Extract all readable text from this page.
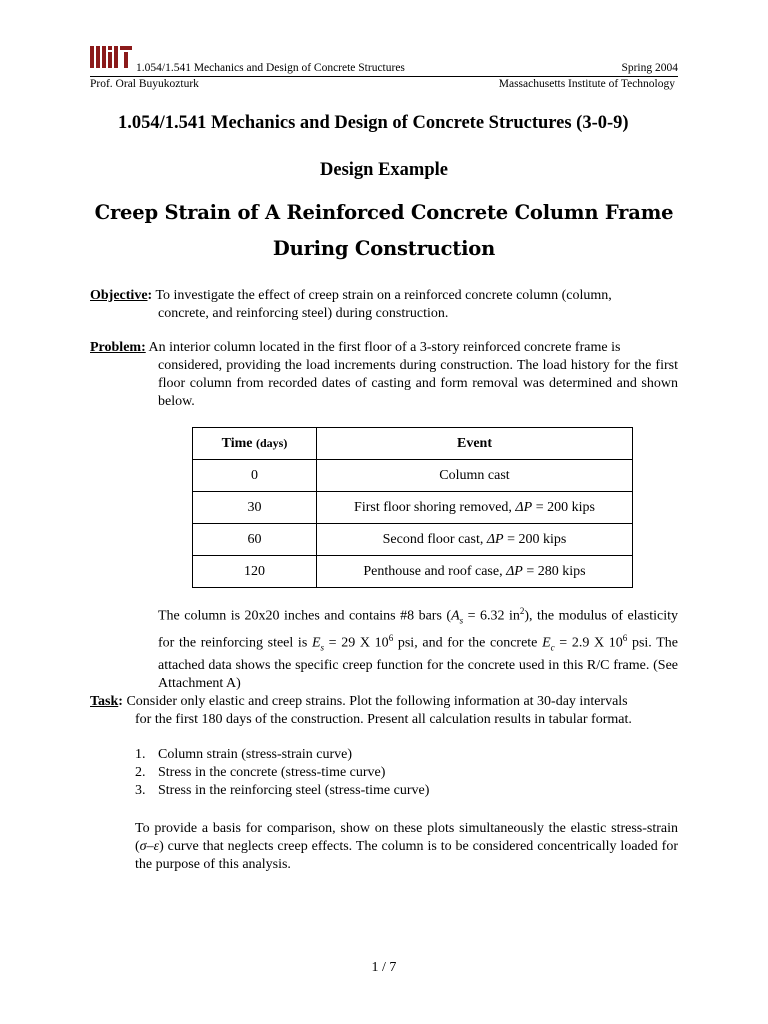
1.054/1.541 Mechanics and Design of Concrete Structures	Spring 2004
Prof. Oral Buyukozturk	Massachusetts Institute of Technology
1.054/1.541 Mechanics and Design of Concrete Structures (3-0-9)
Design Example
Creep Strain of A Reinforced Concrete Column Frame
During Construction
Objective: To investigate the effect of creep strain on a reinforced concrete column (column,
concrete, and reinforcing steel) during construction.
Problem: An interior column located in the first floor of a 3-story reinforced concrete frame is
considered, providing the load increments during construction. The load history for the first floor column from recorded dates of casting and form removal was determined and shown below.
Time (days)	Event
0	Column cast
30	First floor shoring removed, ΔP = 200 kips
60	Second floor cast, ΔP = 200 kips
120	Penthouse and roof case, ΔP = 280 kips
The column is 20x20 inches and contains #8 bars ($A_s = 6.32$ $in^2$), the modulus of elasticity for the reinforcing steel is $E_s = 29$ X $10^6$ psi, and for the concrete $E_c = 2.9$ X $10^6$ psi. The attached data shows the specific creep function for the concrete used in this R/C frame. (See Attachment A)
Task: Consider only elastic and creep strains. Plot the following information at 30-day intervals
for the first 180 days of the construction. Present all calculation results in tabular format.
1. Column strain (stress-strain curve)
2. Stress in the concrete (stress-time curve)
3. Stress in the reinforcing steel (stress-time curve)
To provide a basis for comparison, show on these plots simultaneously the elastic stress-strain (σ–ε) curve that neglects creep effects. The column is to be considered concentrically loaded for the purpose of this analysis.
1 / 7
